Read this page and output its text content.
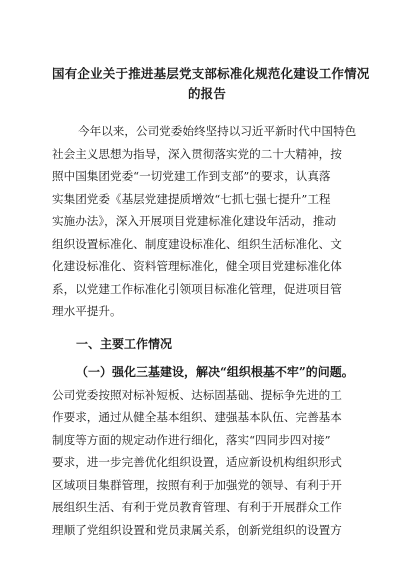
国有企业关于推进基层党支部标准化规范化建设工作情况
的报告
今年以来，公司党委始终坚持以习近平新时代中国特色
社会主义思想为指导，深入贯彻落实党的二十大精神，按
照中国集团党委“一切党建工作到支部”的要求，认真落
实集团党委《基层党建提质增效“七抓七强七提升”工程
实施办法》，深入开展项目党建标准化建设年活动，推动
组织设置标准化、制度建设标准化、组织生活标准化、文
化建设标准化、资料管理标准化，健全项目党建标准化体
系，以党建工作标准化引领项目标准化管理，促进项目管
理水平提升。
一、主要工作情况
（一）强化三基建设，解决“组织根基不牢”的问题。
公司党委按照对标补短板、达标固基础、提标争先进的工
作要求，通过从健全基本组织、建强基本队伍、完善基本
制度等方面的规定动作进行细化，落实“四同步四对接”
要求，进一步完善优化组织设置，适应新设机构组织形式
区域项目集群管理，按照有利于加强党的领导、有利于开
展组织生活、有利于党员教育管理、有利于开展群众工作
理顺了党组织设置和党员隶属关系，创新党组织的设置方
